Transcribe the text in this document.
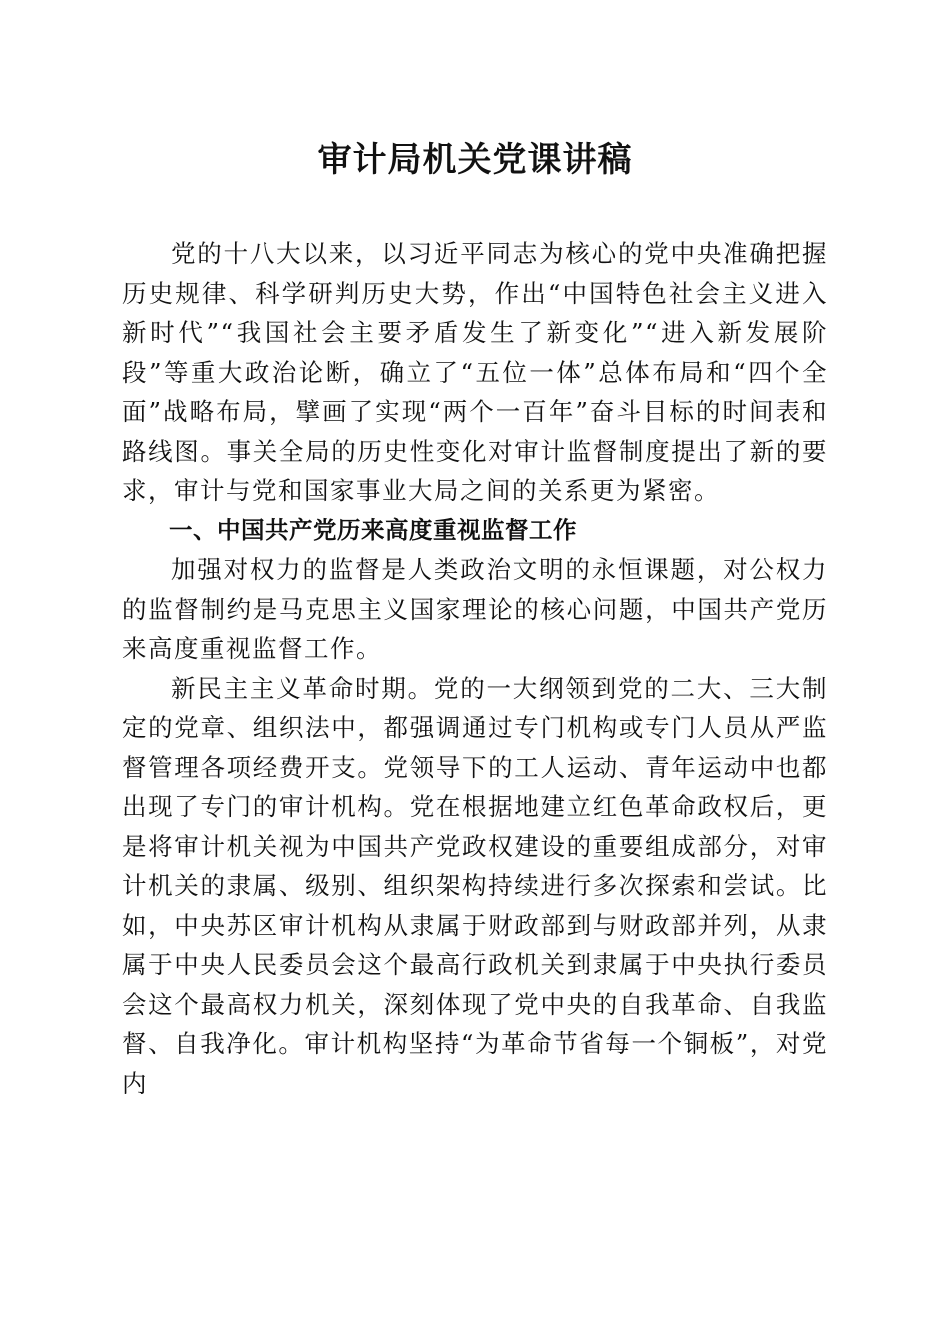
审计局机关党课讲稿

党的十八大以来，以习近平同志为核心的党中央准确把握历史规律、科学研判历史大势，作出“中国特色社会主义进入新时代”“我国社会主要矛盾发生了新变化”“进入新发展阶段”等重大政治论断，确立了“五位一体”总体布局和“四个全面”战略布局，擘画了实现“两个一百年”奋斗目标的时间表和路线图。事关全局的历史性变化对审计监督制度提出了新的要求，审计与党和国家事业大局之间的关系更为紧密。

一、中国共产党历来高度重视监督工作

加强对权力的监督是人类政治文明的永恒课题，对公权力的监督制约是马克思主义国家理论的核心问题，中国共产党历来高度重视监督工作。

新民主主义革命时期。党的一大纲领到党的二大、三大制定的党章、组织法中，都强调通过专门机构或专门人员从严监督管理各项经费开支。党领导下的工人运动、青年运动中也都出现了专门的审计机构。党在根据地建立红色革命政权后，更是将审计机关视为中国共产党政权建设的重要组成部分，对审计机关的隶属、级别、组织架构持续进行多次探索和尝试。比如，中央苏区审计机构从隶属于财政部到与财政部并列，从隶属于中央人民委员会这个最高行政机关到隶属于中央执行委员会这个最高权力机关，深刻体现了党中央的自我革命、自我监督、自我净化。审计机构坚持“为革命节省每一个铜板”，对党内
